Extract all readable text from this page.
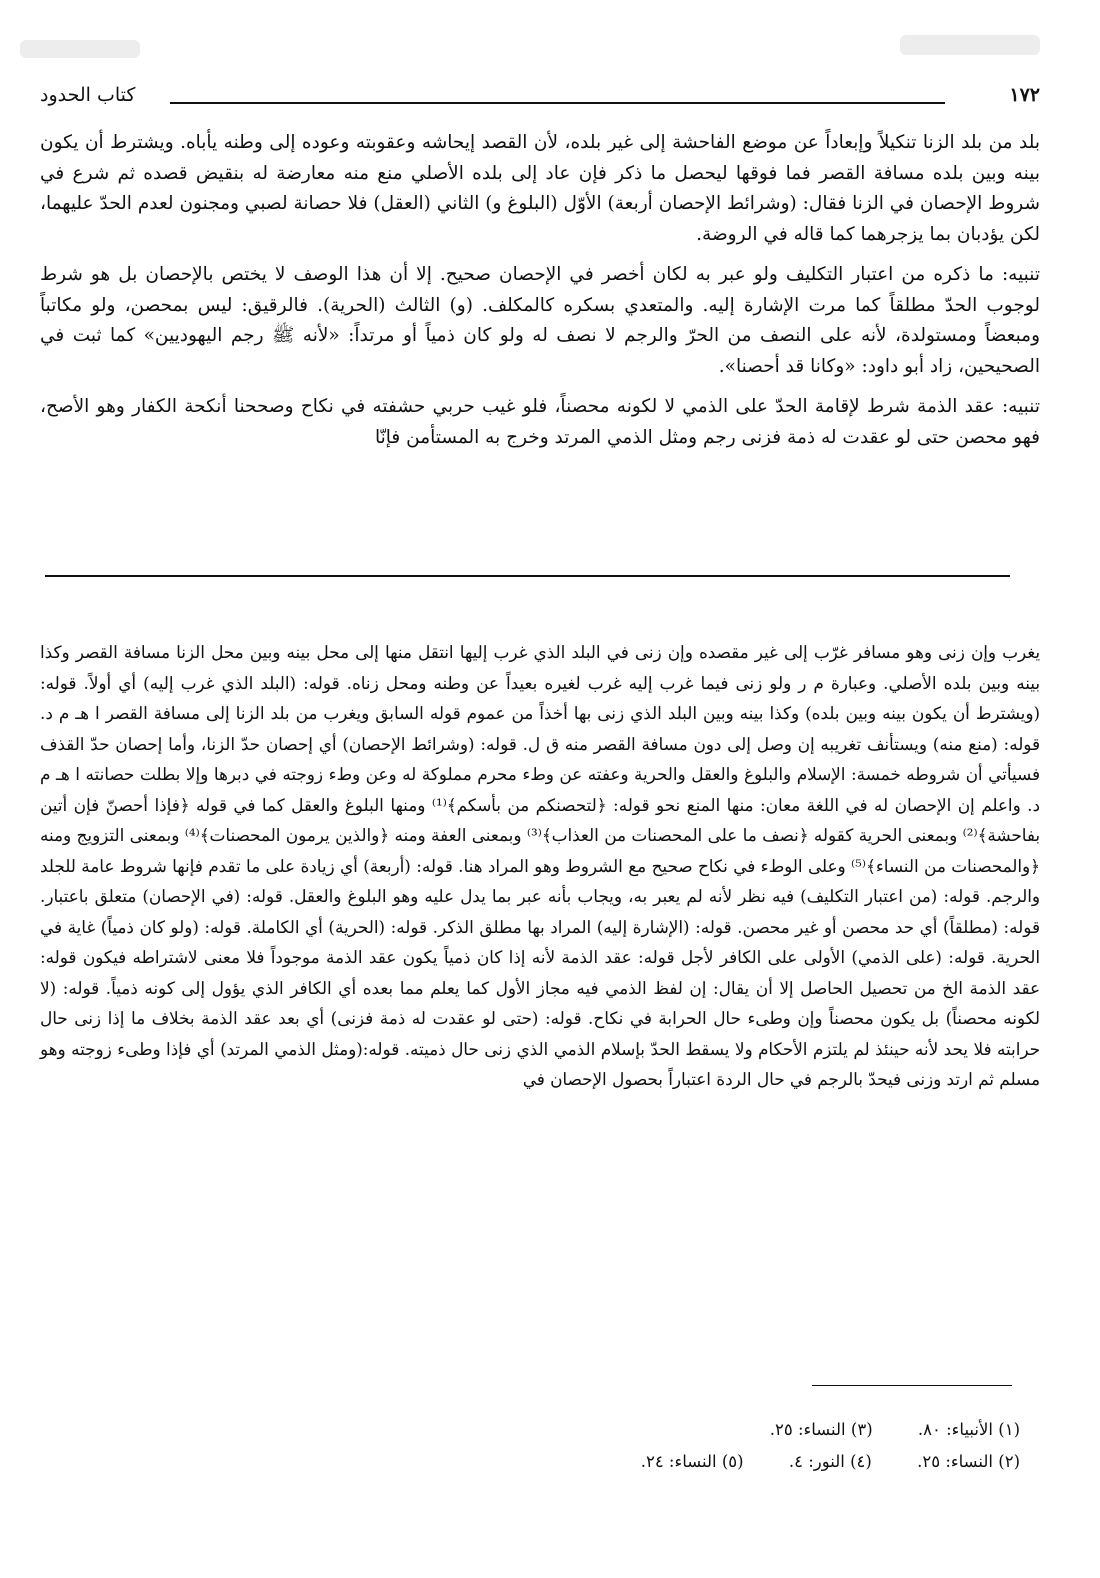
١٧٢
كتاب الحدود

بلد من بلد الزنا تنكيلاً وإبعاداً عن موضع الفاحشة إلى غير بلده، لأن القصد إيحاشه وعقوبته وعوده إلى وطنه يأباه. ويشترط أن يكون بينه وبين بلده مسافة القصر فما فوقها ليحصل ما ذكر فإن عاد إلى بلده الأصلي منع منه معارضة له بنقيض قصده ثم شرع في شروط الإحصان في الزنا فقال: (وشرائط الإحصان أربعة) الأوّل (البلوغ و) الثاني (العقل) فلا حصانة لصبي ومجنون لعدم الحدّ عليهما، لكن يؤدبان بما يزجرهما كما قاله في الروضة.

تنبيه: ما ذكره من اعتبار التكليف ولو عبر به لكان أخصر في الإحصان صحيح. إلا أن هذا الوصف لا يختص بالإحصان بل هو شرط لوجوب الحدّ مطلقاً كما مرت الإشارة إليه. والمتعدي بسكره كالمكلف. (و) الثالث (الحرية). فالرقيق: ليس بمحصن، ولو مكاتباً ومبعضاً ومستولدة، لأنه على النصف من الحرّ والرجم لا نصف له ولو كان ذمياً أو مرتداً: «لأنه ﷺ رجم اليهوديين» كما ثبت في الصحيحين، زاد أبو داود: «وكانا قد أحصنا».

تنبيه: عقد الذمة شرط لإقامة الحدّ على الذمي لا لكونه محصناً، فلو غيب حربي حشفته في نكاح وصححنا أنكحة الكفار وهو الأصح، فهو محصن حتى لو عقدت له ذمة فزنى رجم ومثل الذمي المرتد وخرج به المستأمن فإنّا

يغرب وإن زنى وهو مسافر غرّب إلى غير مقصده وإن زنى في البلد الذي غرب إليها انتقل منها إلى محل بينه وبين محل الزنا مسافة القصر وكذا بينه وبين بلده الأصلي. وعبارة م ر ولو زنى فيما غرب إليه غرب لغيره بعيداً عن وطنه ومحل زناه. قوله: (البلد الذي غرب إليه) أي أولاً. قوله: (ويشترط أن يكون بينه وبين بلده) وكذا بينه وبين البلد الذي زنى بها أخذاً من عموم قوله السابق ويغرب من بلد الزنا إلى مسافة القصر ا هـ م د. قوله: (منع منه) ويستأنف تغريبه إن وصل إلى دون مسافة القصر منه ق ل. قوله: (وشرائط الإحصان) أي إحصان حدّ الزنا، وأما إحصان حدّ القذف فسيأتي أن شروطه خمسة: الإسلام والبلوغ والعقل والحرية وعفته عن وطء محرم مملوكة له وعن وطء زوجته في دبرها وإلا بطلت حصانته ا هـ م د. واعلم إن الإحصان له في اللغة معان: منها المنع نحو قوله: ﴿لتحصنكم من بأسكم﴾⁽¹⁾ ومنها البلوغ والعقل كما في قوله ﴿فإذا أحصنّ فإن أتين بفاحشة﴾⁽²⁾ وبمعنى الحرية كقوله ﴿نصف ما على المحصنات من العذاب﴾⁽³⁾ وبمعنى العفة ومنه ﴿والذين يرمون المحصنات﴾⁽⁴⁾ وبمعنى التزويج ومنه ﴿والمحصنات من النساء﴾⁽⁵⁾ وعلى الوطء في نكاح صحيح مع الشروط وهو المراد هنا. قوله: (أربعة) أي زيادة على ما تقدم فإنها شروط عامة للجلد والرجم. قوله: (من اعتبار التكليف) فيه نظر لأنه لم يعبر به، ويجاب بأنه عبر بما يدل عليه وهو البلوغ والعقل. قوله: (في الإحصان) متعلق باعتبار. قوله: (مطلقاً) أي حد محصن أو غير محصن. قوله: (الإشارة إليه) المراد بها مطلق الذكر. قوله: (الحرية) أي الكاملة. قوله: (ولو كان ذمياً) غاية في الحرية. قوله: (على الذمي) الأولى على الكافر لأجل قوله: عقد الذمة لأنه إذا كان ذمياً يكون عقد الذمة موجوداً فلا معنى لاشتراطه فيكون قوله: عقد الذمة الخ من تحصيل الحاصل إلا أن يقال: إن لفظ الذمي فيه مجاز الأول كما يعلم مما بعده أي الكافر الذي يؤول إلى كونه ذمياً. قوله: (لا لكونه محصناً) بل يكون محصناً وإن وطىء حال الحرابة في نكاح. قوله: (حتى لو عقدت له ذمة فزنى) أي بعد عقد الذمة بخلاف ما إذا زنى حال حرابته فلا يحد لأنه حينئذ لم يلتزم الأحكام ولا يسقط الحدّ بإسلام الذمي الذي زنى حال ذميته. قوله:(ومثل الذمي المرتد) أي فإذا وطىء زوجته وهو مسلم ثم ارتد وزنى فيحدّ بالرجم في حال الردة اعتباراً بحصول الإحصان في

(١) الأنبياء: ٨٠. (٣) النساء: ٢٥.
(٢) النساء: ٢٥. (٤) النور: ٤. (٥) النساء: ٢٤.
